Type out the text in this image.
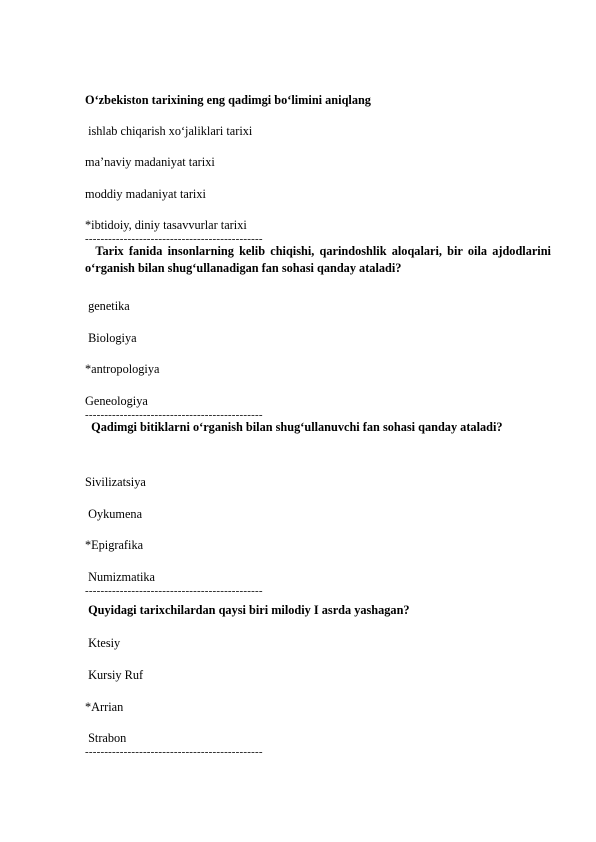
O‘zbekiston tarixining eng qadimgi bo‘limini aniqlang

ishlab chiqarish xo‘jaliklari tarixi

ma’naviy madaniyat tarixi

moddiy madaniyat tarixi

*ibtidoiy, diniy tasavvurlar tarixi

----------------------------------------------

Tarix fanida insonlarning kelib chiqishi, qarindoshlik aloqalari, bir oila ajdodlarini o‘rganish bilan shug‘ullanadigan fan sohasi qanday ataladi?

genetika

Biologiya

*antropologiya

Geneologiya

----------------------------------------------

Qadimgi bitiklarni o‘rganish bilan shug‘ullanuvchi fan sohasi qanday ataladi?

Sivilizatsiya

Oykumena

*Epigrafika

Numizmatika

----------------------------------------------

Quyidagi tarixchilardan qaysi biri milodiy I asrda yashagan?

Ktesiy

Kursiy Ruf

*Arrian

Strabon

----------------------------------------------
